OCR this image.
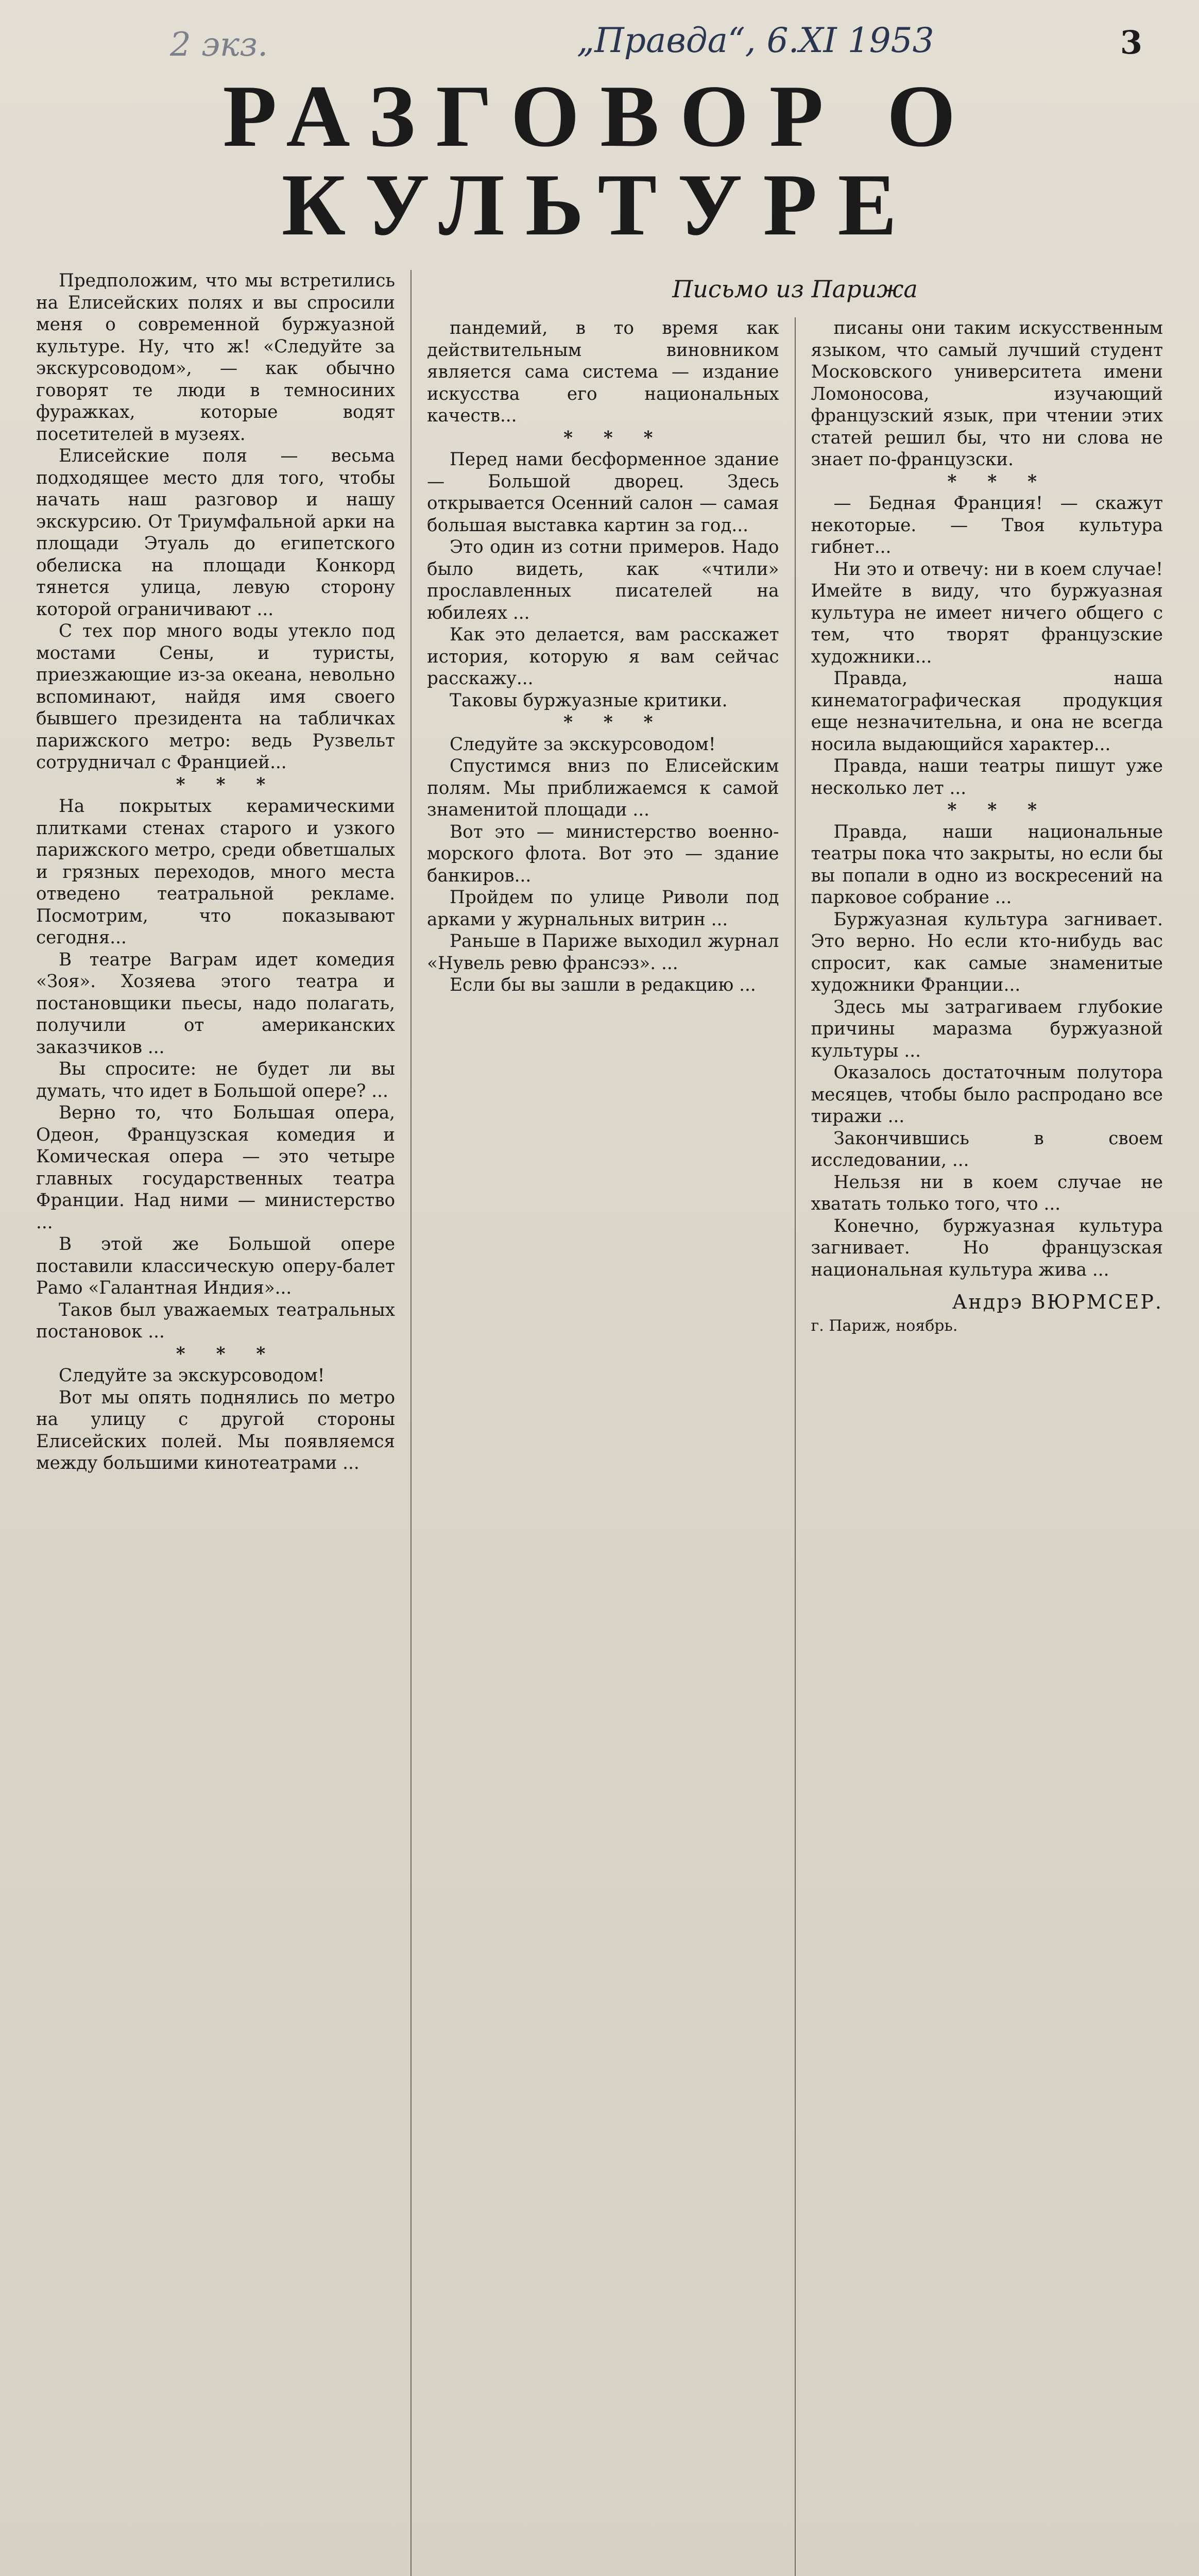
2 экз.	„Правда“, 6.XI 1953	3
РАЗГОВОР О КУЛЬТУРЕ

Предположим, что мы встретились на Елисейских полях и вы спросили меня о современной буржуазной культуре. Ну, что ж! «Следуйте за экскурсоводом», — как обычно говорят те люди в темносиних фуражках, которые водят посетителей в музеях.

Елисейские поля — весьма подходящее место для того, чтобы начать наш разговор и нашу экскурсию. От Триумфальной арки на площади Этуаль до египетского обелиска на площади Конкорд тянется улица, левую сторону которой ограничивают ...

С тех пор много воды утекло под мостами Сены, и туристы, приезжающие из-за океана, невольно вспоминают, найдя имя своего бывшего президента на табличках парижского метро: ведь Рузвельт сотрудничал с Францией...

* * *

На покрытых керамическими плитками стенах старого и узкого парижского метро, среди обветшалых и грязных переходов, много места отведено театральной рекламе. Посмотрим, что показывают сегодня...

В театре Ваграм идет комедия «Зоя». Хозяева этого театра и постановщики пьесы, надо полагать, получили от американских заказчиков ...

Вы спросите: не будет ли вы думать, что идет в Большой опере? ...

Верно то, что Большая опера, Одеон, Французская комедия и Комическая опера — это четыре главных государственных театра Франции. Над ними — министерство ...

В этой же Большой опере поставили классическую оперу-балет Рамо «Галантная Индия»...

Таков был уважаемых театральных постановок ...

* * *

Следуйте за экскурсоводом!

Вот мы опять поднялись по метро на улицу с другой стороны Елисейских полей. Мы появляемся между большими кинотеатрами ...

Письмо из Парижа

пандемий, в то время как действительным виновником является сама система — издание искусства его национальных качеств...

* * *

Перед нами бесформенное здание — Большой дворец. Здесь открывается Осенний салон — самая большая выставка картин за год...

Это один из сотни примеров. Надо было видеть, как «чтили» прославленных писателей на юбилеях ...

Как это делается, вам расскажет история, которую я вам сейчас расскажу...

Таковы буржуазные критики.

* * *

Следуйте за экскурсоводом!

Спустимся вниз по Елисейским полям. Мы приближаемся к самой знаменитой площади ...

Вот это — министерство военно-морского флота. Вот это — здание банкиров...

Пройдем по улице Риволи под арками у журнальных витрин ...

Раньше в Париже выходил журнал «Нувель ревю франсэз». ...

Если бы вы зашли в редакцию ...

писаны они таким искусственным языком, что самый лучший студент Московского университета имени Ломоносова, изучающий французский язык, при чтении этих статей решил бы, что ни слова не знает по-французски.

* * *

— Бедная Франция! — скажут некоторые. — Твоя культура гибнет...

Ни это и отвечу: ни в коем случае! Имейте в виду, что буржуазная культура не имеет ничего общего с тем, что творят французские художники...

Правда, наша кинематографическая продукция еще незначительна, и она не всегда носила выдающийся характер...

Правда, наши театры пишут уже несколько лет ...

* * *

Правда, наши национальные театры пока что закрыты, но если бы вы попали в одно из воскресений на парковое собрание ...

Буржуазная культура загнивает. Это верно. Но если кто-нибудь вас спросит, как самые знаменитые художники Франции...

Здесь мы затрагиваем глубокие причины маразма буржуазной культуры ...

Оказалось достаточным полутора месяцев, чтобы было распродано все тиражи ...

Закончившись в своем исследовании, ...

Нельзя ни в коем случае не хватать только того, что ...

Конечно, буржуазная культура загнивает. Но французская национальная культура жива ...

Андрэ ВЮРМСЕР.
г. Париж, ноябрь.
